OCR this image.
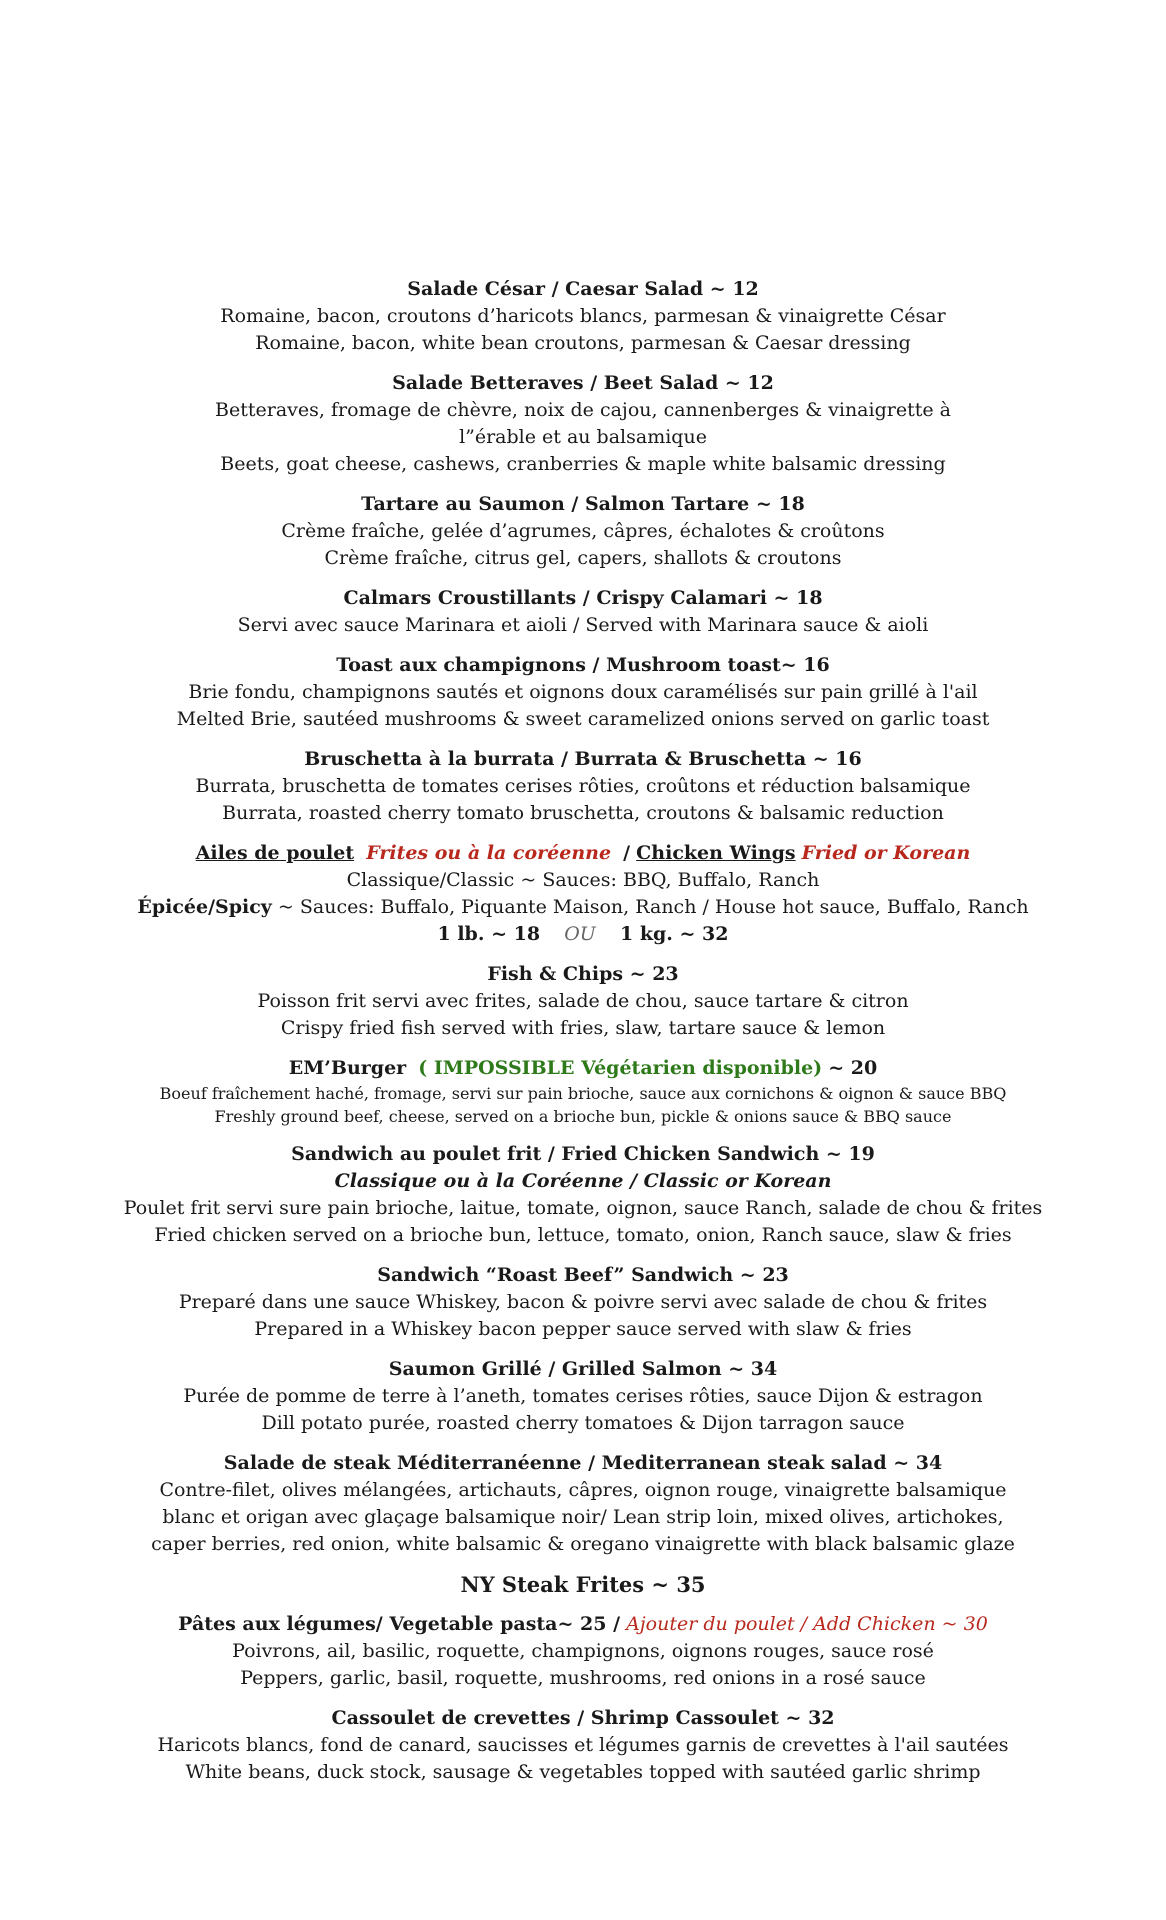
Salade César / Caesar Salad ~ 12

Romaine, bacon, croutons d’haricots blancs, parmesan & vinaigrette César

Romaine, bacon, white bean croutons, parmesan & Caesar dressing

Salade Betteraves / Beet Salad ~ 12

Betteraves, fromage de chèvre, noix de cajou, cannenberges & vinaigrette à

l”érable et au balsamique

Beets, goat cheese, cashews, cranberries & maple white balsamic dressing

Tartare au Saumon / Salmon Tartare ~ 18

Crème fraîche, gelée d’agrumes, câpres, échalotes & croûtons

Crème fraîche, citrus gel, capers, shallots & croutons

Calmars Croustillants / Crispy Calamari ~ 18

Servi avec sauce Marinara et aioli / Served with Marinara sauce & aioli

Toast aux champignons / Mushroom toast~ 16

Brie fondu, champignons sautés et oignons doux caramélisés sur pain grillé à l'ail

Melted Brie, sautéed mushrooms & sweet caramelized onions served on garlic toast

Bruschetta à la burrata / Burrata & Bruschetta ~ 16

Burrata, bruschetta de tomates cerises rôties, croûtons et réduction balsamique

Burrata, roasted cherry tomato bruschetta, croutons & balsamic reduction

Ailes de poulet Frites ou à la coréenne / Chicken Wings Fried or Korean

Classique/Classic ~ Sauces: BBQ, Buffalo, Ranch

Épicée/Spicy ~ Sauces: Buffalo, Piquante Maison, Ranch / House hot sauce, Buffalo, Ranch

1 lb. ~ 18 OU 1 kg. ~ 32

Fish & Chips ~ 23

Poisson frit servi avec frites, salade de chou, sauce tartare & citron

Crispy fried fish served with fries, slaw, tartare sauce & lemon

EM’Burger ( IMPOSSIBLE Végétarien disponible) ~ 20

Boeuf fraîchement haché, fromage, servi sur pain brioche, sauce aux cornichons & oignon & sauce BBQ

Freshly ground beef, cheese, served on a brioche bun, pickle & onions sauce & BBQ sauce

Sandwich au poulet frit / Fried Chicken Sandwich ~ 19

Classique ou à la Coréenne / Classic or Korean

Poulet frit servi sure pain brioche, laitue, tomate, oignon, sauce Ranch, salade de chou & frites

Fried chicken served on a brioche bun, lettuce, tomato, onion, Ranch sauce, slaw & fries

Sandwich “Roast Beef” Sandwich ~ 23

Preparé dans une sauce Whiskey, bacon & poivre servi avec salade de chou & frites

Prepared in a Whiskey bacon pepper sauce served with slaw & fries

Saumon Grillé / Grilled Salmon ~ 34

Purée de pomme de terre à l’aneth, tomates cerises rôties, sauce Dijon & estragon

Dill potato purée, roasted cherry tomatoes & Dijon tarragon sauce

Salade de steak Méditerranéenne / Mediterranean steak salad ~ 34

Contre-filet, olives mélangées, artichauts, câpres, oignon rouge, vinaigrette balsamique blanc et origan avec glaçage balsamique noir/ Lean strip loin, mixed olives, artichokes, caper berries, red onion, white balsamic & oregano vinaigrette with black balsamic glaze

NY Steak Frites ~ 35

Pâtes aux légumes/ Vegetable pasta~ 25 / Ajouter du poulet / Add Chicken ~ 30

Poivrons, ail, basilic, roquette, champignons, oignons rouges, sauce rosé

Peppers, garlic, basil, roquette, mushrooms, red onions in a rosé sauce

Cassoulet de crevettes / Shrimp Cassoulet ~ 32

Haricots blancs, fond de canard, saucisses et légumes garnis de crevettes à l'ail sautées

White beans, duck stock, sausage & vegetables topped with sautéed garlic shrimp
